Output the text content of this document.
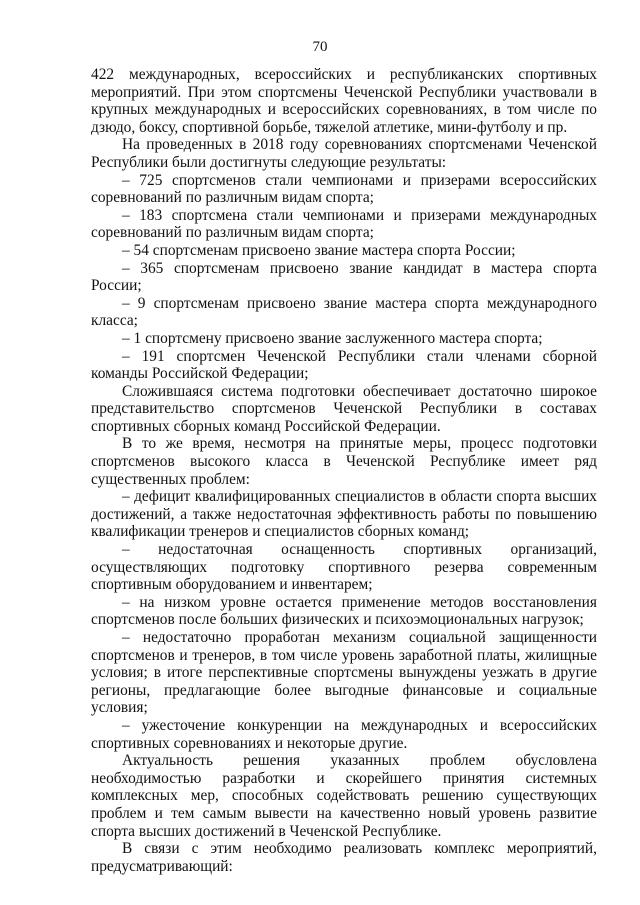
70

422 международных, всероссийских и республиканских спортивных мероприятий. При этом спортсмены Чеченской Республики участвовали в крупных международных и всероссийских соревнованиях, в том числе по дзюдо, боксу, спортивной борьбе, тяжелой атлетике, мини-футболу и пр.

На проведенных в 2018 году соревнованиях спортсменами Чеченской Республики были достигнуты следующие результаты:

– 725 спортсменов стали чемпионами и призерами всероссийских соревнований по различным видам спорта;

– 183 спортсмена стали чемпионами и призерами международных соревнований по различным видам спорта;

– 54 спортсменам присвоено звание мастера спорта России;

– 365 спортсменам присвоено звание кандидат в мастера спорта России;

– 9 спортсменам присвоено звание мастера спорта международного класса;

– 1 спортсмену присвоено звание заслуженного мастера спорта;

– 191 спортсмен Чеченской Республики стали членами сборной команды Российской Федерации;

Сложившаяся система подготовки обеспечивает достаточно широкое представительство спортсменов Чеченской Республики в составах спортивных сборных команд Российской Федерации.

В то же время, несмотря на принятые меры, процесс подготовки спортсменов высокого класса в Чеченской Республике имеет ряд существенных проблем:

– дефицит квалифицированных специалистов в области спорта высших достижений, а также недостаточная эффективность работы по повышению квалификации тренеров и специалистов сборных команд;

– недостаточная оснащенность спортивных организаций, осуществляющих подготовку спортивного резерва современным спортивным оборудованием и инвентарем;

– на низком уровне остается применение методов восстановления спортсменов после больших физических и психоэмоциональных нагрузок;

– недостаточно проработан механизм социальной защищенности спортсменов и тренеров, в том числе уровень заработной платы, жилищные условия; в итоге перспективные спортсмены вынуждены уезжать в другие регионы, предлагающие более выгодные финансовые и социальные условия;

– ужесточение конкуренции на международных и всероссийских спортивных соревнованиях и некоторые другие.

Актуальность решения указанных проблем обусловлена необходимостью разработки и скорейшего принятия системных комплексных мер, способных содействовать решению существующих проблем и тем самым вывести на качественно новый уровень развитие спорта высших достижений в Чеченской Республике.

В связи с этим необходимо реализовать комплекс мероприятий, предусматривающий:
